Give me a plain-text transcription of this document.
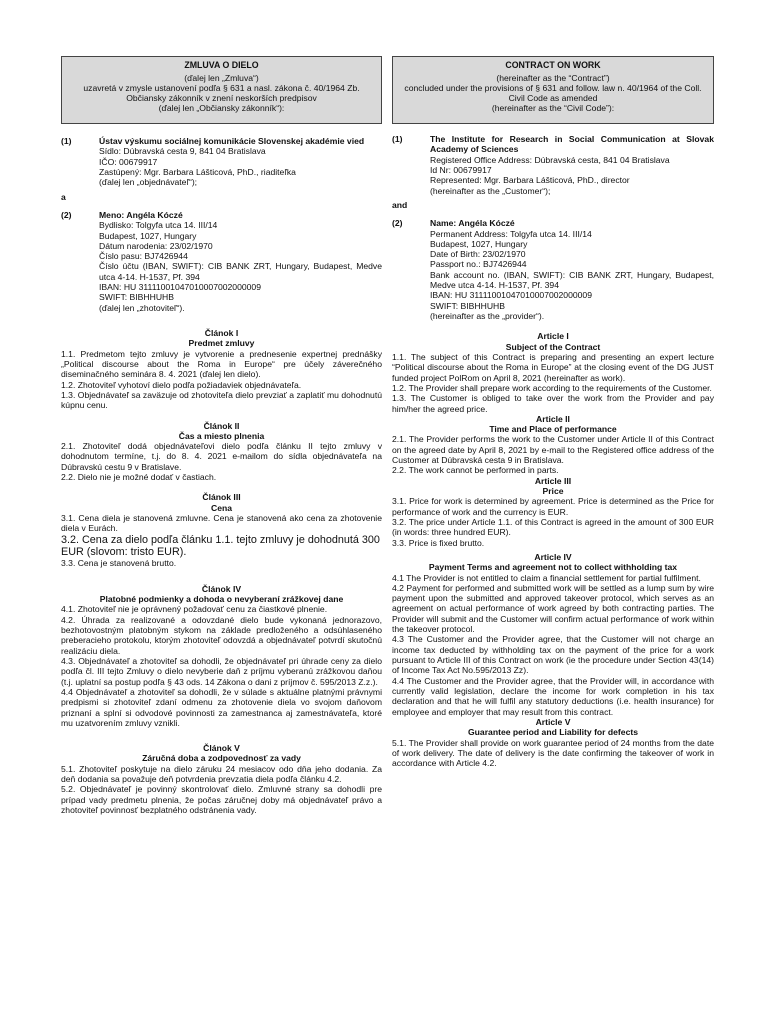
ZMLUVA O DIELO
(ďalej len „Zmluva“)
uzavretá v zmysle ustanovení podľa § 631 a nasl. zákona č. 40/1964 Zb.
Občiansky zákonník v znení neskorších predpisov
(ďalej len „Občiansky zákonník“):
(1)	Ústav výskumu sociálnej komunikácie Slovenskej akadémie vied
Sídlo: Dúbravská cesta 9, 841 04 Bratislava
IČO: 00679917
Zastúpený: Mgr. Barbara Lášticová, PhD., riaditeľka
(ďalej len „objednávateľ“);
a
(2)	Meno: Angéla Kóczé
Bydlisko: Tolgyfa utca 14. III/14
Budapest, 1027, Hungary
Dátum narodenia: 23/02/1970
Číslo pasu: BJ7426944
Číslo účtu (IBAN, SWIFT): CIB BANK ZRT, Hungary, Budapest, Medve utca 4-14. H-1537, Pf. 394
IBAN: HU 31111001047010007002000009
SWIFT: BIBHHUHB
(ďalej len „zhotoviteľ“).
Článok I
Predmet zmluvy
1.1. Predmetom tejto zmluvy je vytvorenie a prednesenie expertnej prednášky „Political discourse about the Roma in Europe“ pre účely záverečného diseminačného seminára 8. 4. 2021 (ďalej len dielo).
1.2. Zhotoviteľ vyhotoví dielo podľa požiadaviek objednávateľa.
1.3. Objednávateľ sa zaväzuje od zhotoviteľa dielo prevziať a zaplatiť mu dohodnutú kúpnu cenu.
Článok II
Čas a miesto plnenia
2.1. Zhotoviteľ dodá objednávateľovi dielo podľa článku II tejto zmluvy v dohodnutom termíne, t.j. do 8. 4. 2021 e-mailom do sídla objednávateľa na Dúbravskú cestu 9 v Bratislave.
2.2. Dielo nie je možné dodať v častiach.
Článok III
Cena
3.1. Cena diela je stanovená zmluvne. Cena je stanovená ako cena za zhotovenie diela v Eurách.
3.2. Cena za dielo podľa článku 1.1. tejto zmluvy je dohodnutá 300 EUR (slovom: tristo EUR).
3.3. Cena je stanovená brutto.
Článok IV
Platobné podmienky a dohoda o nevyberaní zrážkovej dane
4.1. Zhotoviteľ nie je oprávnený požadovať cenu za čiastkové plnenie.
4.2. Úhrada za realizované a odovzdané dielo bude vykonaná jednorazovo, bezhotovostným platobným stykom na základe predloženého a odsúhlaseného preberacieho protokolu, ktorým zhotoviteľ odovzdá a objednávateľ potvrdí skutočnú realizáciu diela.
4.3. Objednávateľ a zhotoviteľ sa dohodli, že objednávateľ pri úhrade ceny za dielo podľa čl. III tejto Zmluvy o dielo nevyberie daň z príjmu vyberanú zrážkovou daňou (t.j. uplatní sa postup podľa § 43 ods. 14 Zákona o dani z príjmov č. 595/2013 Z.z.).
4.4 Objednávateľ a zhotoviteľ sa dohodli, že v súlade s aktuálne platnými právnymi predpismi si zhotoviteľ zdaní odmenu za zhotovenie diela vo svojom daňovom priznaní a splní si odvodové povinnosti za zamestnanca aj zamestnávateľa, ktoré mu uzatvorením zmluvy vznikli.
Článok V
Záručná doba a zodpovednosť za vady
5.1. Zhotoviteľ poskytuje na dielo záruku 24 mesiacov odo dňa jeho dodania. Za deň dodania sa považuje deň potvrdenia prevzatia diela podľa článku 4.2.
5.2. Objednávateľ je povinný skontrolovať dielo. Zmluvné strany sa dohodli pre prípad vady predmetu plnenia, že počas záručnej doby má objednávateľ právo a zhotoviteľ povinnosť bezplatného odstránenia vady.
CONTRACT ON WORK
(hereinafter as the “Contract”)
concluded under the provisions of § 631 and follow. law n. 40/1964 of the Coll. Civil Code as amended
(hereinafter as the “Civil Code”):
(1)	The Institute for Research in Social Communication at Slovak Academy of Sciences
Registered Office Address: Dúbravská cesta, 841 04 Bratislava
Id Nr: 00679917
Represented: Mgr. Barbara Lášticová, PhD., director
(hereinafter as the „Customer“);
and
(2)	Name: Angéla Kóczé
Permanent Address: Tolgyfa utca 14. III/14
Budapest, 1027, Hungary
Date of Birth: 23/02/1970
Passport no.: BJ7426944
Bank account no. (IBAN, SWIFT): CIB BANK ZRT, Hungary, Budapest, Medve utca 4-14. H-1537, Pf. 394
IBAN: HU 31111001047010007002000009
SWIFT: BIBHHUHB
(hereinafter as the „provider“).
Article I
Subject of the Contract
1.1. The subject of this Contract is preparing and presenting an expert lecture “Political discourse about the Roma in Europe” at the closing event of the DG JUST funded project PolRom on April 8, 2021 (hereinafter as work).
1.2. The Provider shall prepare work according to the requirements of the Customer.
1.3. The Customer is obliged to take over the work from the Provider and pay him/her the agreed price.
Article II
Time and Place of performance
2.1. The Provider performs the work to the Customer under Article II of this Contract on the agreed date by April 8, 2021 by e-mail to the Registered office address of the Customer at Dúbravská cesta 9 in Bratislava.
2.2. The work cannot be performed in parts.
Article III
Price
3.1. Price for work is determined by agreement. Price is determined as the Price for performance of work and the currency is EUR.
3.2. The price under Article 1.1. of this Contract is agreed in the amount of 300 EUR (in words: three hundred EUR).
3.3. Price is fixed brutto.
Article IV
Payment Terms and agreement not to collect withholding tax
4.1 The Provider is not entitled to claim a financial settlement for partial fulfilment.
4.2 Payment for performed and submitted work will be settled as a lump sum by wire payment upon the submitted and approved takeover protocol, which serves as an agreement on actual performance of work agreed by both contracting parties. The Provider will submit and the Customer will confirm actual performance of work within the takeover protocol.
4.3 The Customer and the Provider agree, that the Customer will not charge an income tax deducted by withholding tax on the payment of the price for a work pursuant to Article III of this Contract on work (ie the procedure under Section 43(14) of Income Tax Act No.595/2013 Zz).
4.4 The Customer and the Provider agree, that the Provider will, in accordance with currently valid legislation, declare the income for work completion in his tax declaration and that he will fulfil any statutory deductions (i.e. health insurance) for employee and employer that may result from this contract.
Article V
Guarantee period and Liability for defects
5.1. The Provider shall provide on work guarantee period of 24 months from the date of work delivery. The date of delivery is the date confirming the takeover of work in accordance with Article 4.2.
